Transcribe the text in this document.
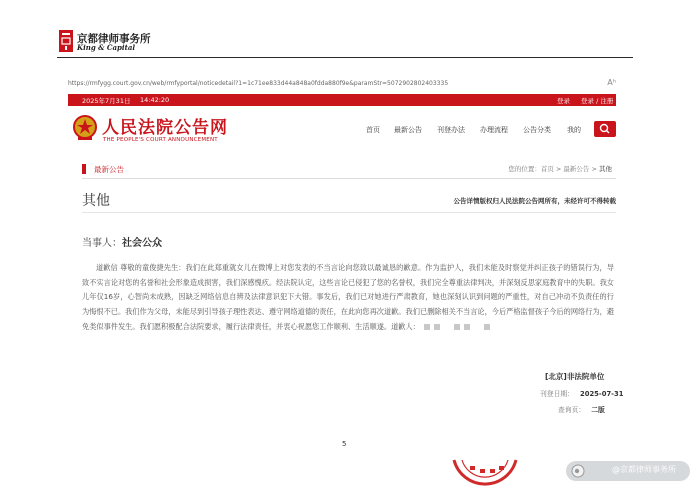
京都律师事务所
King & Capital
https://rmfygg.court.gov.cn/web/rmfyportal/noticedetail?1=1c71ee833d44a848a0fdda880f9e&paramStr=5072902802403335	Aʰ
2025年7月31日 14:42:20	登录 登录 / 注册
人民法院公告网
THE PEOPLE'S COURT ANNOUNCEMENT
首页 最新公告 刊登办法 办理流程 公告分类 我的
最新公告	您的位置：首页 > 最新公告 > 其他
其他	公告详情版权归人民法院公告网所有，未经许可不得转载
当事人：社会公众

道歉信 尊敬的童俊捷先生：我们在此郑重就女儿在微博上对您发表的不当言论向您致以最诚恳的歉意。作为监护人，我们未能及时察觉并纠正孩子的错误行为，导致不实言论对您的名誉和社会形象造成损害，我们深感愧疚。经法院认定，这些言论已侵犯了您的名誉权，我们完全尊重法律判决，并深刻反思家庭教育中的失职。我女儿年仅16岁，心智尚未成熟，因缺乏网络信息自辨及法律意识犯下大错。事发后，我们已对她进行严肃教育，她也深刻认识到问题的严重性，对自己冲动不负责任的行为悔恨不已。我们作为父母，未能尽到引导孩子理性表达、遵守网络道德的责任，在此向您再次道歉。我们已删除相关不当言论，今后严格监督孩子今后的网络行为，避免类似事件发生。我们愿积极配合法院要求，履行法律责任，并衷心祝愿您工作顺利、生活顺遂。道歉人：

[北京]非法院单位
刊登日期： 2025-07-31
查询页： 二版
5
@京都律师事务所
